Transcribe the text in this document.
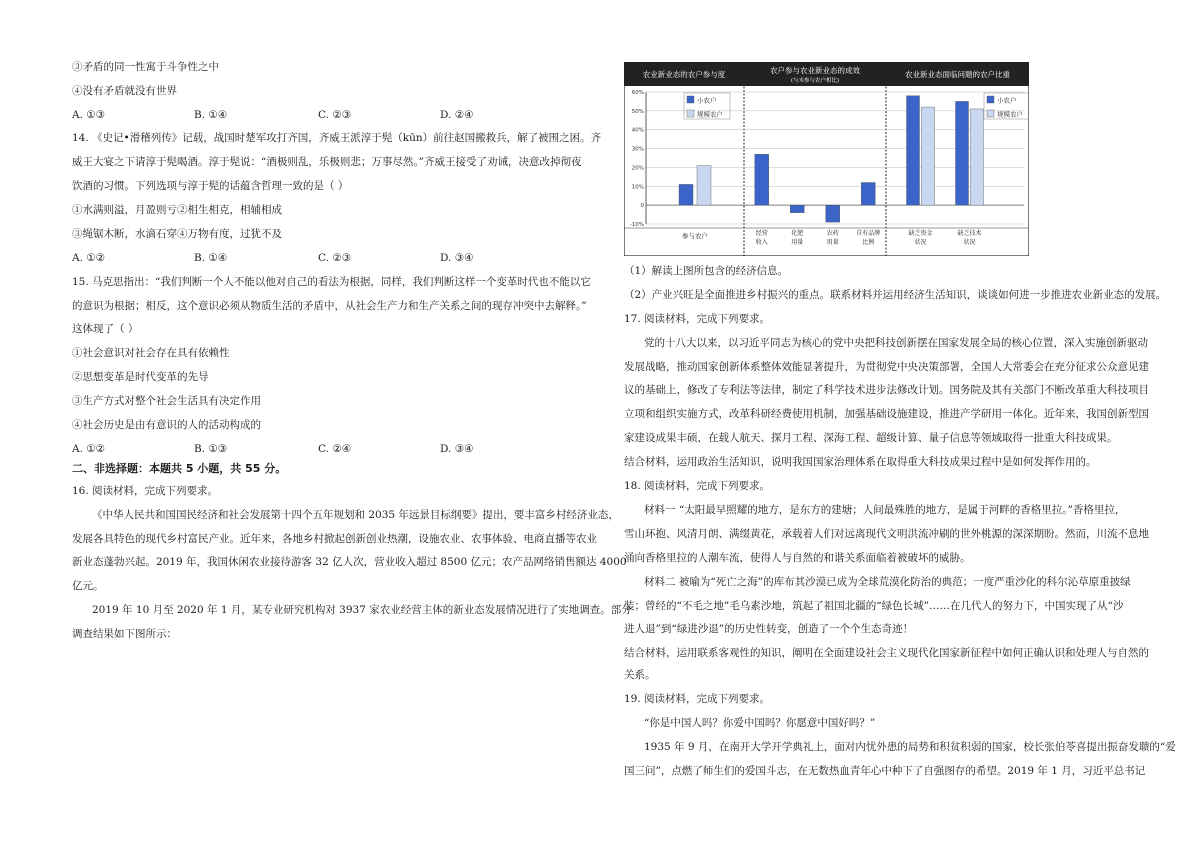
③矛盾的同一性寓于斗争性之中
④没有矛盾就没有世界
A. ①③	B. ①④	C. ②③	D. ②④
14. 《史记•滑稽列传》记载，战国时楚军攻打齐国，齐威王派淳于髡（kūn）前往赵国搬救兵，解了被围之困。齐
威王大宴之下请淳于髡喝酒。淳于髡说：“酒极则乱，乐极则悲；万事尽然。”齐威王接受了劝诫，决意改掉彻夜
饮酒的习惯。下列选项与淳于髡的话蕴含哲理一致的是（ ）
①水满则溢，月盈则亏②相生相克，相辅相成
③绳锯木断，水滴石穿④万物有度，过犹不及
A. ①②	B. ①④	C. ②③	D. ③④
15. 马克思指出：“我们判断一个人不能以他对自己的看法为根据，同样，我们判断这样一个变革时代也不能以它
的意识为根据；相反，这个意识必须从物质生活的矛盾中，从社会生产力和生产关系之间的现存冲突中去解释。”
这体现了（ ）
①社会意识对社会存在具有依赖性
②思想变革是时代变革的先导
③生产方式对整个社会生活具有决定作用
④社会历史是由有意识的人的活动构成的
A. ①②	B. ①③	C. ②④	D. ③④
二、非选择题：本题共 5 小题，共 55 分。
16. 阅读材料，完成下列要求。
《中华人民共和国国民经济和社会发展第十四个五年规划和 2035 年远景目标纲要》提出，要丰富乡村经济业态，
发展各具特色的现代乡村富民产业。近年来，各地乡村掀起创新创业热潮，设施农业、农事体验、电商直播等农业
新业态蓬勃兴起。2019 年，我国休闲农业接待游客 32 亿人次，营业收入超过 8500 亿元；农产品网络销售额达 4000
亿元。
2019 年 10 月至 2020 年 1 月，某专业研究机构对 3937 家农业经营主体的新业态发展情况进行了实地调查。部分
调查结果如下图所示：
农业新业态的农户参与度	农户参与农业新业态的成效
(与未参与农户相比)
农业新业态面临问题的农户比重
60%
50%
40%
30%
20%
10%
0
-10%
参与农户	经营
收入
化肥
用量
农药
用量
自有品牌
比例
缺乏资金
状况
缺乏技术
状况
小农户
规模农户
小农户
规模农户
（1）解读上图所包含的经济信息。
（2）产业兴旺是全面推进乡村振兴的重点。联系材料并运用经济生活知识，谈谈如何进一步推进农业新业态的发展。
17. 阅读材料，完成下列要求。
党的十八大以来，以习近平同志为核心的党中央把科技创新摆在国家发展全局的核心位置，深入实施创新驱动
发展战略，推动国家创新体系整体效能显著提升，为贯彻党中央决策部署，全国人大常委会在充分征求公众意见建
议的基础上，修改了专利法等法律，制定了科学技术进步法修改计划。国务院及其有关部门不断改革重大科技项目
立项和组织实施方式，改革科研经费使用机制，加强基础设施建设，推进产学研用一体化。近年来，我国创新型国
家建设成果丰硕，在载人航天、探月工程、深海工程、超级计算、量子信息等领域取得一批重大科技成果。
结合材料，运用政治生活知识，说明我国国家治理体系在取得重大科技成果过程中是如何发挥作用的。
18. 阅读材料，完成下列要求。
材料一 “太阳最早照耀的地方，是东方的建塘；人间最殊胜的地方，是属于河畔的香格里拉。”香格里拉，
雪山环抱、风清月朗、满缀黄花，承载着人们对远离现代文明洪流冲刷的世外桃源的深深期盼。然而，川流不息地
涌向香格里拉的人潮车流，使得人与自然的和谐关系面临着被破坏的威胁。
材料二 被喻为“死亡之海”的库布其沙漠已成为全球荒漠化防治的典范；一度严重沙化的科尔沁草原重披绿
装；曾经的“不毛之地”毛乌素沙地，筑起了祖国北疆的“绿色长城”……在几代人的努力下，中国实现了从“沙
进人退”到“绿进沙退”的历史性转变，创造了一个个生态奇迹！
结合材料，运用联系客观性的知识，阐明在全面建设社会主义现代化国家新征程中如何正确认识和处理人与自然的
关系。
19. 阅读材料，完成下列要求。
“你是中国人吗？你爱中国吗？你愿意中国好吗？”
1935 年 9 月，在南开大学开学典礼上，面对内忧外患的局势和积贫积弱的国家，校长张伯苓喜提出振奋发聩的“爱
国三问”，点燃了师生们的爱国斗志，在无数热血青年心中种下了自强图存的希望。2019 年 1 月，习近平总书记
